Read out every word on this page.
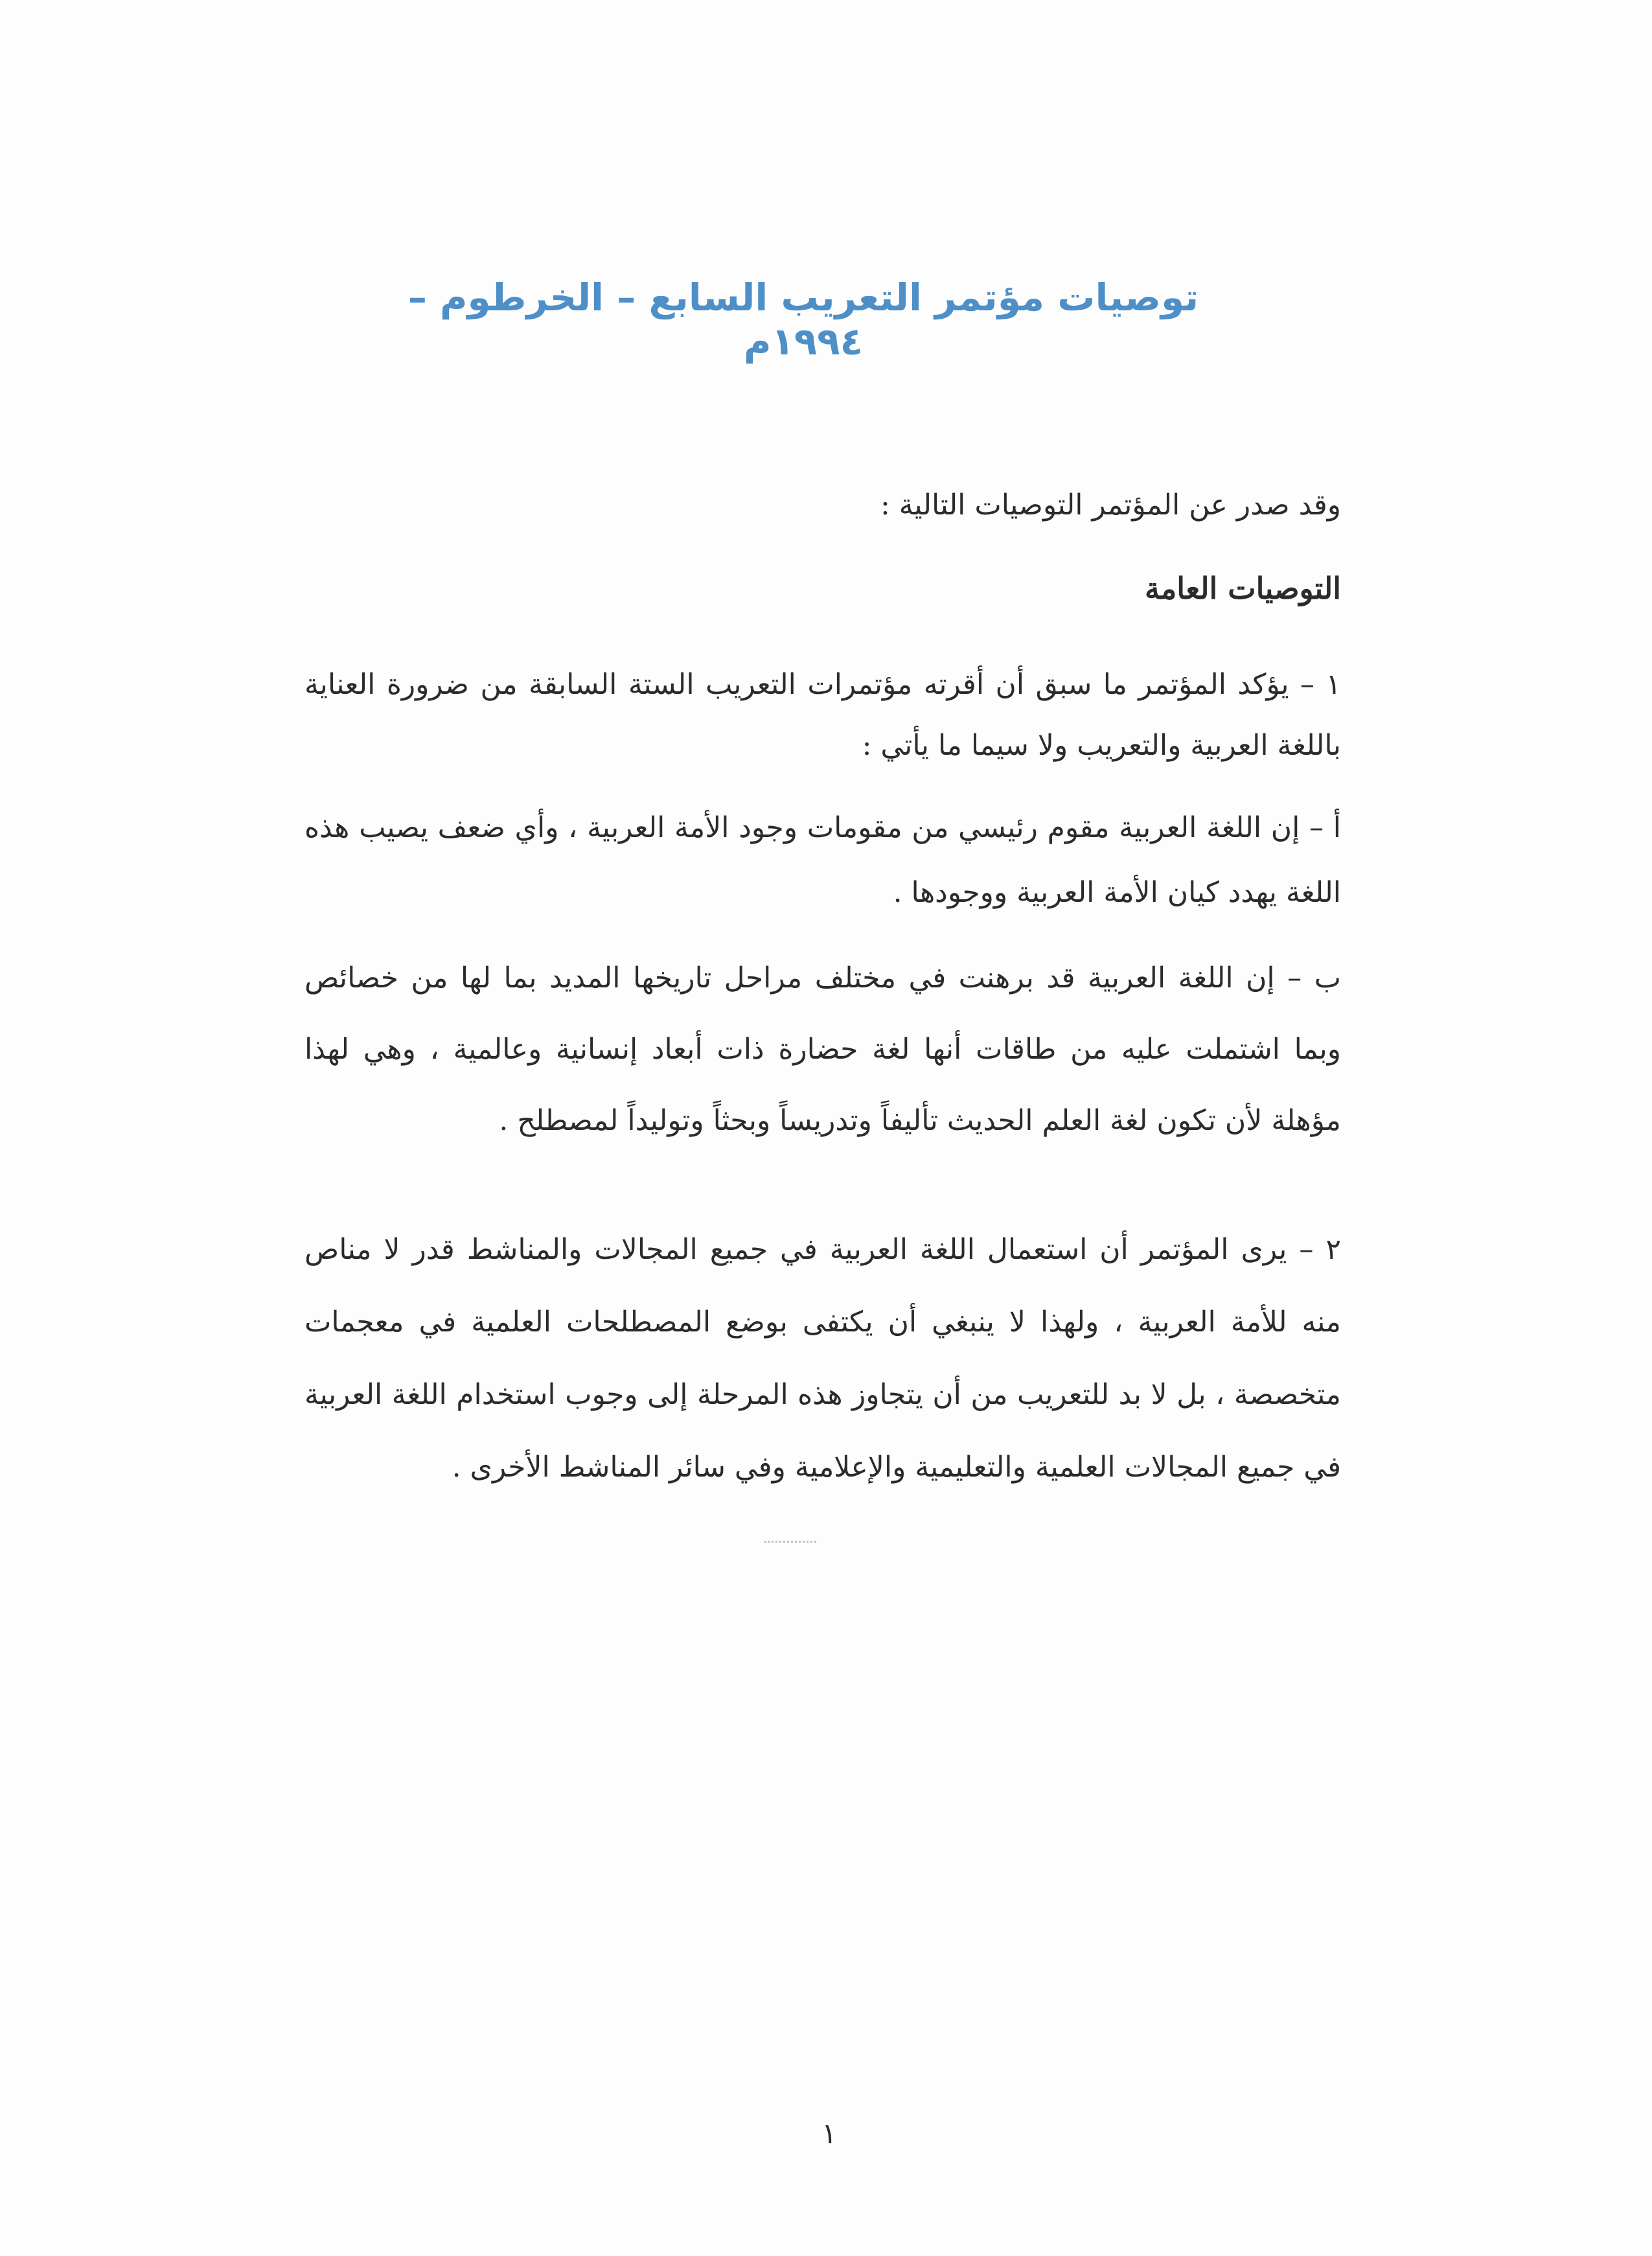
توصيات مؤتمر التعريب السابع – الخرطوم – ١٩٩٤م
وقد صدر عن المؤتمر التوصيات التالية :
التوصيات العامة
١ – يؤكد المؤتمر ما سبق أن أقرته مؤتمرات التعريب الستة السابقة من ضرورة العناية باللغة العربية والتعريب ولا سيما ما يأتي :
أ – إن اللغة العربية مقوم رئيسي من مقومات وجود الأمة العربية ، وأي ضعف يصيب هذه اللغة يهدد كيان الأمة العربية ووجودها .
ب – إن اللغة العربية قد برهنت في مختلف مراحل تاريخها المديد بما لها من خصائص وبما اشتملت عليه من طاقات أنها لغة حضارة ذات أبعاد إنسانية وعالمية ، وهي لهذا مؤهلة لأن تكون لغة العلم الحديث تأليفاً وتدريساً وبحثاً وتوليداً لمصطلح .
٢ – يرى المؤتمر أن استعمال اللغة العربية في جميع المجالات والمناشط قدر لا مناص منه للأمة العربية ، ولهذا لا ينبغي أن يكتفى بوضع المصطلحات العلمية في معجمات متخصصة ، بل لا بد للتعريب من أن يتجاوز هذه المرحلة إلى وجوب استخدام اللغة العربية في جميع المجالات العلمية والتعليمية والإعلامية وفي سائر المناشط الأخرى .
١
